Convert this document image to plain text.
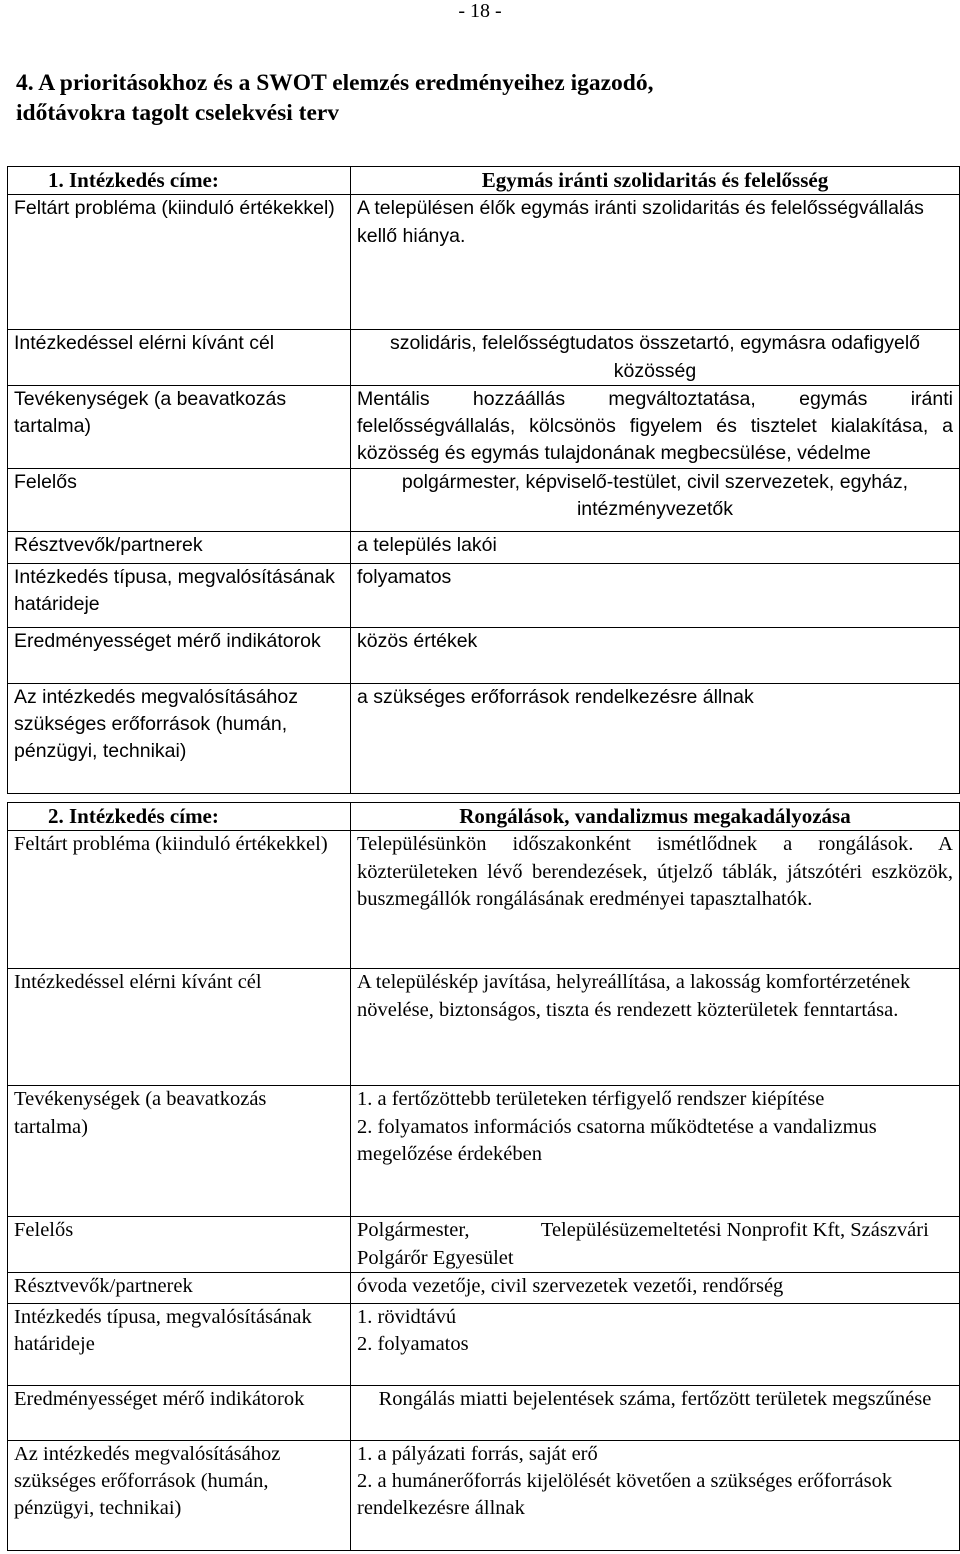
- 18 -
4. A prioritásokhoz és a SWOT elemzés eredményeihez igazodó,
időtávokra tagolt cselekvési terv
1. Intézkedés címe:	Egymás iránti szolidaritás és felelősség
Feltárt probléma (kiinduló értékekkel)	A településen élők egymás iránti szolidaritás és felelősségvállalás kellő hiánya.
Intézkedéssel elérni kívánt cél	szolidáris, felelősségtudatos összetartó, egymásra odafigyelő közösség
Tevékenységek (a beavatkozás tartalma)	Mentális hozzáállás megváltoztatása, egymás iránti felelősségvállalás, kölcsönös figyelem és tisztelet kialakítása, a közösség és egymás tulajdonának megbecsülése, védelme
Felelős	polgármester, képviselő-testület, civil szervezetek, egyház, intézményvezetők
Résztvevők/partnerek	a település lakói

Intézkedés típusa, megvalósításának határideje	folyamatos
Eredményességet mérő indikátorok	közös értékek
Az intézkedés megvalósításához szükséges erőforrások (humán, pénzügyi, technikai)	a szükséges erőforrások rendelkezésre állnak
2. Intézkedés címe:	Rongálások, vandalizmus megakadályozása
Feltárt probléma (kiinduló értékekkel)	Településünkön időszakonként ismétlődnek a rongálások. A közterületeken lévő berendezések, útjelző táblák, játszótéri eszközök, buszmegállók rongálásának eredményei tapasztalhatók.
Intézkedéssel elérni kívánt cél	A településkép javítása, helyreállítása, a lakosság komfortérzetének növelése, biztonságos, tiszta és rendezett közterületek fenntartása.
Tevékenységek (a beavatkozás tartalma)	1. a fertőzöttebb területeken térfigyelő rendszer kiépítése
2. folyamatos információs csatorna működtetése a vandalizmus megelőzése érdekében

Felelős	Polgármester,              Településüzemeltetési Nonprofit Kft, Szászvári Polgárőr Egyesület
Résztvevők/partnerek	óvoda vezetője, civil szervezetek vezetői, rendőrség
Intézkedés típusa, megvalósításának határideje	1. rövidtávú
2. folyamatos

Eredményességet mérő indikátorok	Rongálás miatti bejelentések száma, fertőzött területek megszűnése
Az intézkedés megvalósításához szükséges erőforrások (humán, pénzügyi, technikai)	1. a pályázati forrás, saját erő
2. a humánerőforrás kijelölését követően a szükséges erőforrások rendelkezésre állnak
